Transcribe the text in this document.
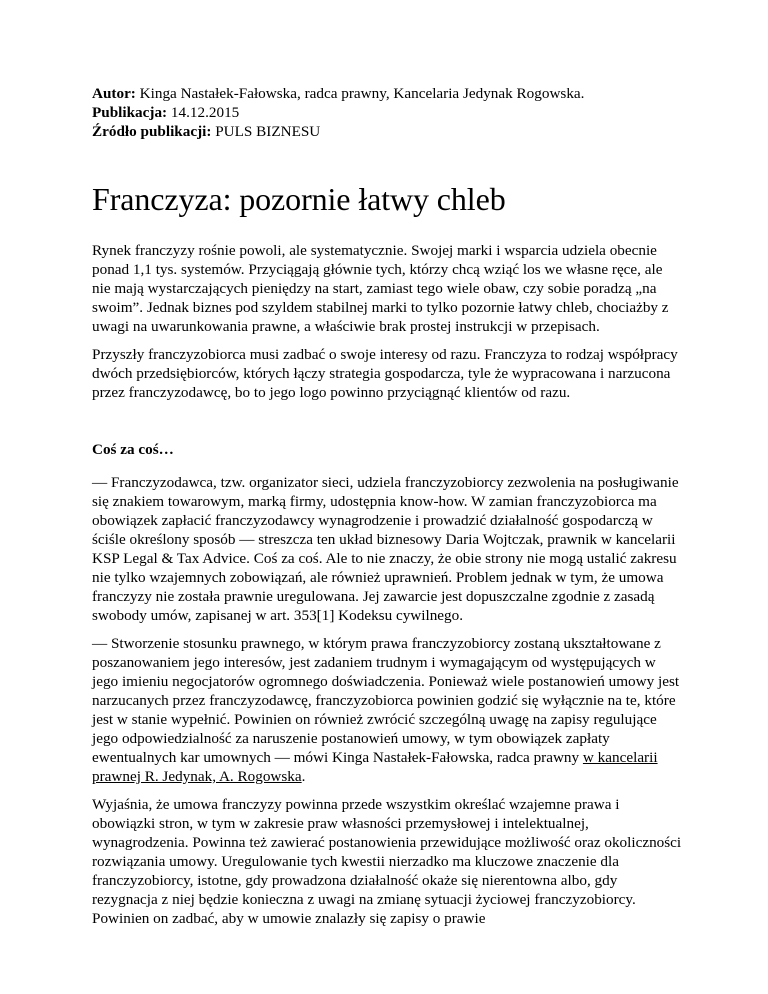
Autor: Kinga Nastałek-Fałowska, radca prawny, Kancelaria Jedynak Rogowska.

Publikacja: 14.12.2015

Źródło publikacji: PULS BIZNESU

Franczyza: pozornie łatwy chleb

Rynek franczyzy rośnie powoli, ale systematycznie. Swojej marki i wsparcia udziela obecnie ponad 1,1 tys. systemów. Przyciągają głównie tych, którzy chcą wziąć los we własne ręce, ale nie mają wystarczających pieniędzy na start, zamiast tego wiele obaw, czy sobie poradzą „na swoim”. Jednak biznes pod szyldem stabilnej marki to tylko pozornie łatwy chleb, chociażby z uwagi na uwarunkowania prawne, a właściwie brak prostej instrukcji w przepisach.

Przyszły franczyzobiorca musi zadbać o swoje interesy od razu. Franczyza to rodzaj współpracy dwóch przedsiębiorców, których łączy strategia gospodarcza, tyle że wypracowana i narzucona przez franczyzodawcę, bo to jego logo powinno przyciągnąć klientów od razu.

Coś za coś…

— Franczyzodawca, tzw. organizator sieci, udziela franczyzobiorcy zezwolenia na posługiwanie się znakiem towarowym, marką firmy, udostępnia know-how. W zamian franczyzobiorca ma obowiązek zapłacić franczyzodawcy wynagrodzenie i prowadzić działalność gospodarczą w ściśle określony sposób — streszcza ten układ biznesowy Daria Wojtczak, prawnik w kancelarii KSP Legal & Tax Advice. Coś za coś. Ale to nie znaczy, że obie strony nie mogą ustalić zakresu nie tylko wzajemnych zobowiązań, ale również uprawnień. Problem jednak w tym, że umowa franczyzy nie została prawnie uregulowana. Jej zawarcie jest dopuszczalne zgodnie z zasadą swobody umów, zapisanej w art. 353[1] Kodeksu cywilnego.

— Stworzenie stosunku prawnego, w którym prawa franczyzobiorcy zostaną ukształtowane z poszanowaniem jego interesów, jest zadaniem trudnym i wymagającym od występujących w jego imieniu negocjatorów ogromnego doświadczenia. Ponieważ wiele postanowień umowy jest narzucanych przez franczyzodawcę, franczyzobiorca powinien godzić się wyłącznie na te, które jest w stanie wypełnić. Powinien on również zwrócić szczególną uwagę na zapisy regulujące jego odpowiedzialność za naruszenie postanowień umowy, w tym obowiązek zapłaty ewentualnych kar umownych — mówi Kinga Nastałek-Fałowska, radca prawny w kancelarii prawnej R. Jedynak, A. Rogowska.

Wyjaśnia, że umowa franczyzy powinna przede wszystkim określać wzajemne prawa i obowiązki stron, w tym w zakresie praw własności przemysłowej i intelektualnej, wynagrodzenia. Powinna też zawierać postanowienia przewidujące możliwość oraz okoliczności rozwiązania umowy. Uregulowanie tych kwestii nierzadko ma kluczowe znaczenie dla franczyzobiorcy, istotne, gdy prowadzona działalność okaże się nierentowna albo, gdy rezygnacja z niej będzie konieczna z uwagi na zmianę sytuacji życiowej franczyzobiorcy. Powinien on zadbać, aby w umowie znalazły się zapisy o prawie
